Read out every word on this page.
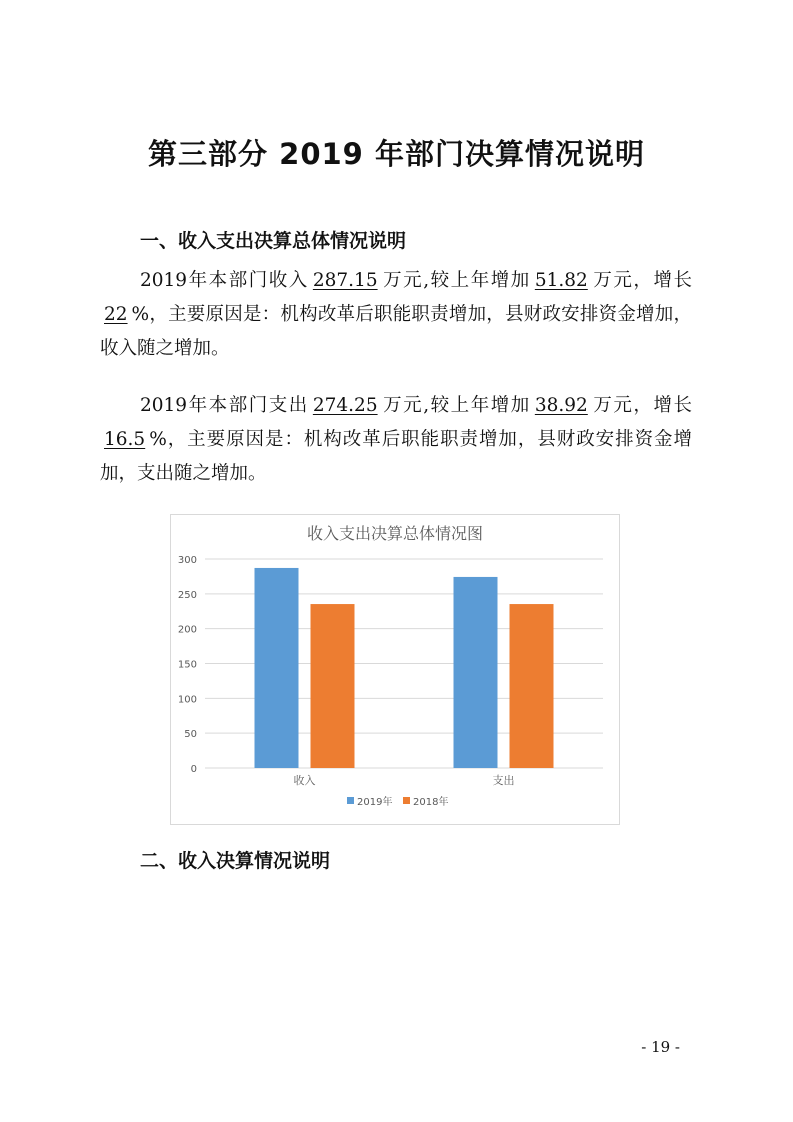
第三部分 2019 年部门决算情况说明
一、收入支出决算总体情况说明
2019年本部门收入 287.15 万元,较上年增加 51.82 万元，增长22 %，主要原因是：机构改革后职能职责增加，县财政安排资金增加，收入随之增加。
2019年本部门支出 274.25 万元,较上年增加 38.92 万元，增长16.5 %，主要原因是：机构改革后职能职责增加，县财政安排资金增加，支出随之增加。
收入支出决算总体情况图
0
50
100
150
200
250
300
收入	支出
2019年 2018年
二、收入决算情况说明
- 19 -
